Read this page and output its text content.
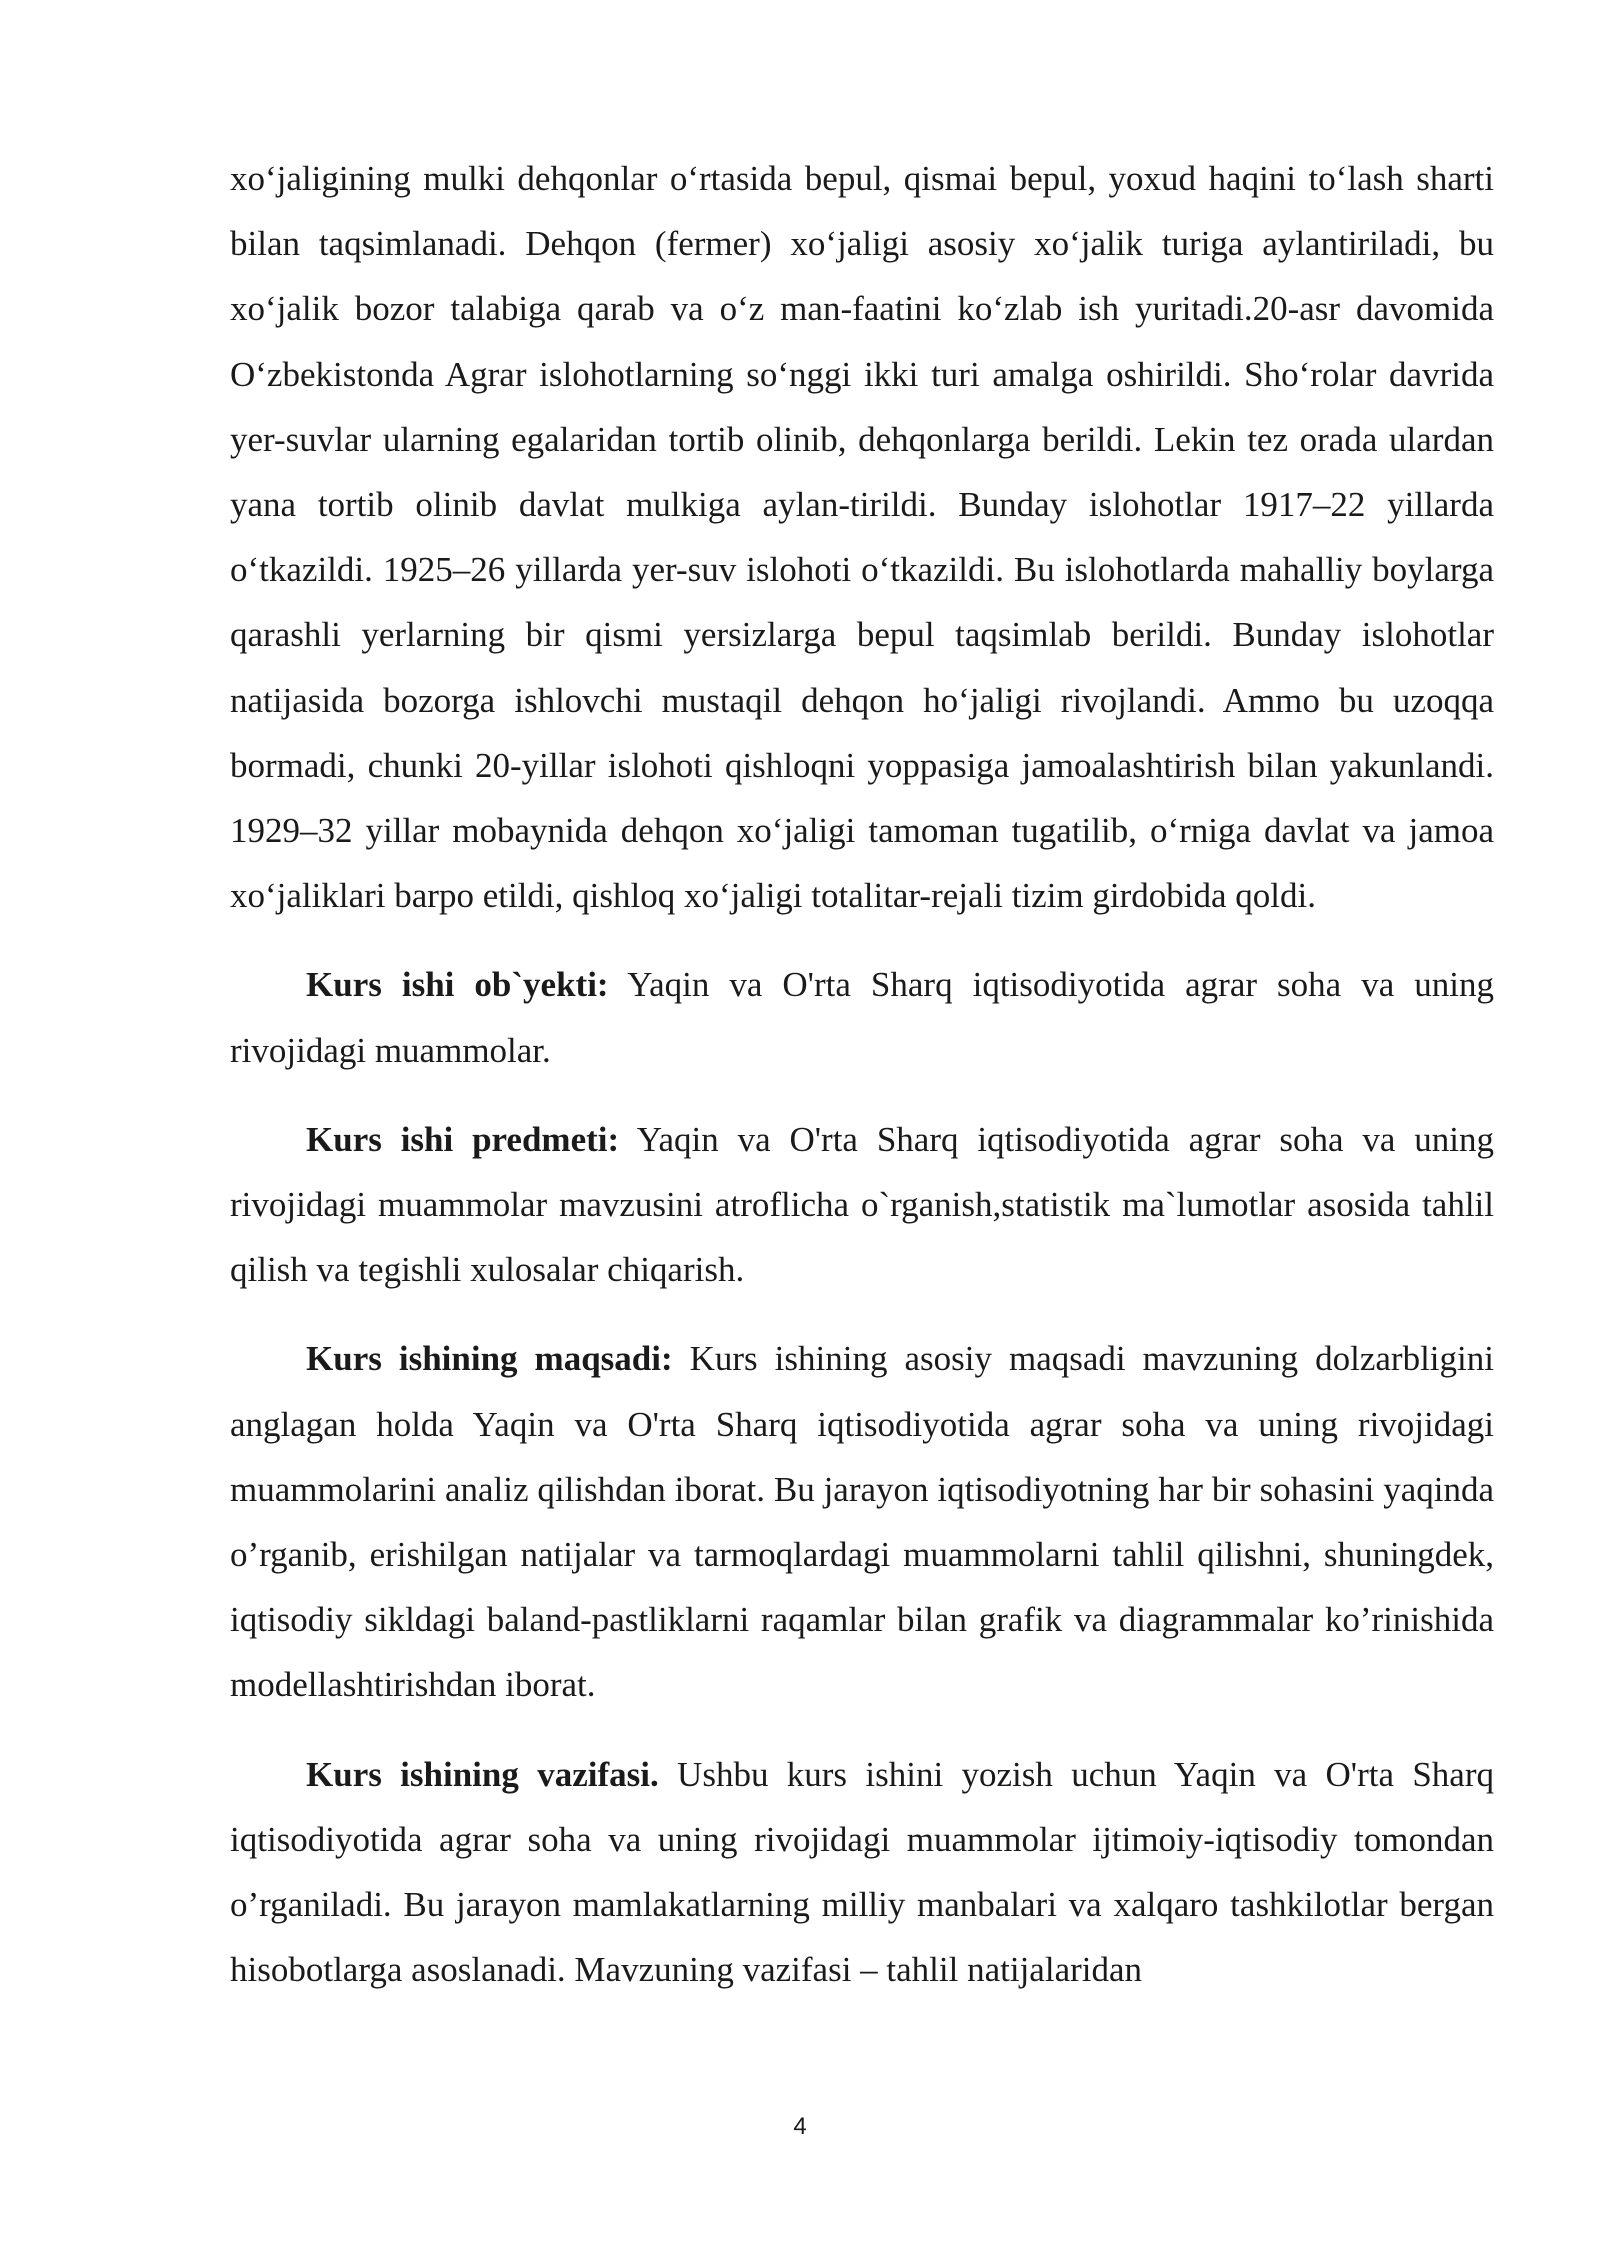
xo‘jaligining mulki dehqonlar o‘rtasida bepul, qismai bepul, yoxud haqini to‘lash sharti bilan taqsimlanadi. Dehqon (fermer) xo‘jaligi asosiy xo‘jalik turiga aylantiriladi, bu xo‘jalik bozor talabiga qarab va o‘z man-faatini ko‘zlab ish yuritadi.20-asr davomida O‘zbekistonda Agrar islohotlarning so‘nggi ikki turi amalga oshirildi. Sho‘rolar davrida yer-suvlar ularning egalaridan tortib olinib, dehqonlarga berildi. Lekin tez orada ulardan yana tortib olinib davlat mulkiga aylan-tirildi. Bunday islohotlar 1917–22 yillarda o‘tkazildi. 1925–26 yillarda yer-suv islohoti o‘tkazildi. Bu islohotlarda mahalliy boylarga qarashli yerlarning bir qismi yersizlarga bepul taqsimlab berildi. Bunday islohotlar natijasida bozorga ishlovchi mustaqil dehqon ho‘jaligi rivojlandi. Ammo bu uzoqqa bormadi, chunki 20-yillar islohoti qishloqni yoppasiga jamoalashtirish bilan yakunlandi. 1929–32 yillar mobaynida dehqon xo‘jaligi tamoman tugatilib, o‘rniga davlat va jamoa xo‘jaliklari barpo etildi, qishloq xo‘jaligi totalitar-rejali tizim girdobida qoldi.

Kurs ishi ob`yekti: Yaqin va O'rta Sharq iqtisodiyotida agrar soha va uning rivojidagi muammolar.

Kurs ishi predmeti: Yaqin va O'rta Sharq iqtisodiyotida agrar soha va uning rivojidagi muammolar mavzusini atroflicha o`rganish,statistik ma`lumotlar asosida tahlil qilish va tegishli xulosalar chiqarish.

Kurs ishining maqsadi: Kurs ishining asosiy maqsadi mavzuning dolzarbligini anglagan holda Yaqin va O'rta Sharq iqtisodiyotida agrar soha va uning rivojidagi muammolarini analiz qilishdan iborat. Bu jarayon iqtisodiyotning har bir sohasini yaqinda o’rganib, erishilgan natijalar va tarmoqlardagi muammolarni tahlil qilishni, shuningdek, iqtisodiy sikldagi baland-pastliklarni raqamlar bilan grafik va diagrammalar ko’rinishida modellashtirishdan iborat.

Kurs ishining vazifasi. Ushbu kurs ishini yozish uchun Yaqin va O'rta Sharq iqtisodiyotida agrar soha va uning rivojidagi muammolar ijtimoiy-iqtisodiy tomondan o’rganiladi. Bu jarayon mamlakatlarning milliy manbalari va xalqaro tashkilotlar bergan hisobotlarga asoslanadi. Mavzuning vazifasi – tahlil natijalaridan

4
